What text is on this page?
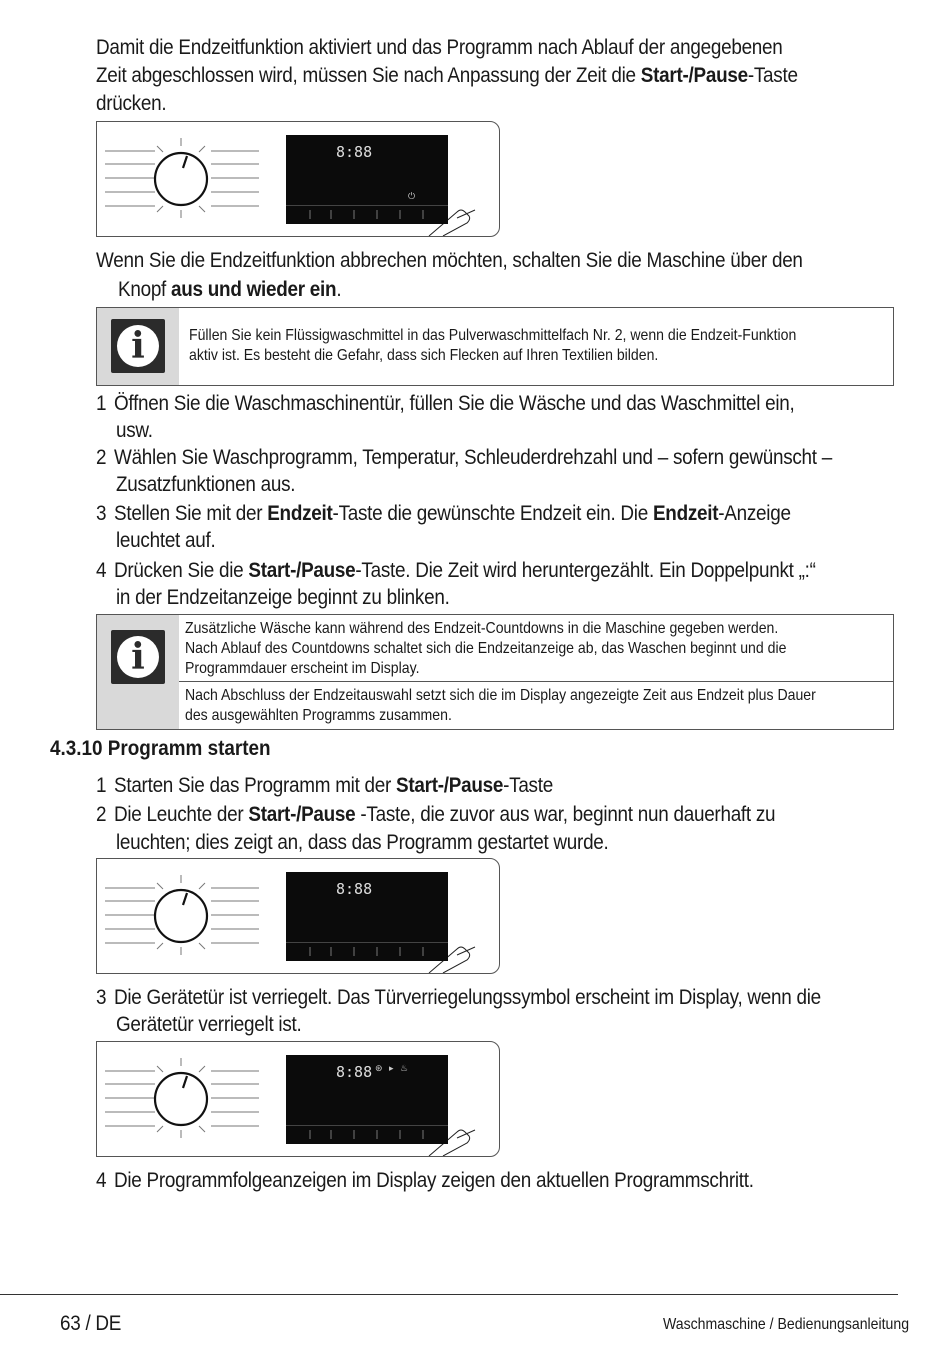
Damit die Endzeitfunktion aktiviert und das Programm nach Ablauf der angegebenen
Zeit abgeschlossen wird, müssen Sie nach Anpassung der Zeit die Start-/Pause-Taste
drücken.
8:88
⏻
Wenn Sie die Endzeitfunktion abbrechen möchten, schalten Sie die Maschine über den
Knopf aus und wieder ein.
i	Füllen Sie kein Flüssigwaschmittel in das Pulverwaschmittelfach Nr. 2, wenn die Endzeit-Funktion
aktiv ist. Es besteht die Gefahr, dass sich Flecken auf Ihren Textilien bilden.
1 Öffnen Sie die Waschmaschinentür, füllen Sie die Wäsche und das Waschmittel ein,
usw.
2 Wählen Sie Waschprogramm, Temperatur, Schleuderdrehzahl und – sofern gewünscht –
Zusatzfunktionen aus.
3 Stellen Sie mit der Endzeit-Taste die gewünschte Endzeit ein. Die Endzeit-Anzeige
leuchtet auf.
4 Drücken Sie die Start-/Pause-Taste. Die Zeit wird heruntergezählt. Ein Doppelpunkt „:“
in der Endzeitanzeige beginnt zu blinken.
i
Zusätzliche Wäsche kann während des Endzeit-Countdowns in die Maschine gegeben werden.
Nach Ablauf des Countdowns schaltet sich die Endzeitanzeige ab, das Waschen beginnt und die
Programmdauer erscheint im Display.
Nach Abschluss der Endzeitauswahl setzt sich die im Display angezeigte Zeit aus Endzeit plus Dauer
des ausgewählten Programms zusammen.
4.3.10 Programm starten
1 Starten Sie das Programm mit der Start-/Pause-Taste
2 Die Leuchte der Start-/Pause -Taste, die zuvor aus war, beginnt nun dauerhaft zu
leuchten; dies zeigt an, dass das Programm gestartet wurde.
8:88
3 Die Gerätetür ist verriegelt. Das Türverriegelungssymbol erscheint im Display, wenn die
Gerätetür verriegelt ist.
8:88 ⊛ ▸ ♨
4 Die Programmfolgeanzeigen im Display zeigen den aktuellen Programmschritt.
63 / DE	Waschmaschine / Bedienungsanleitung
